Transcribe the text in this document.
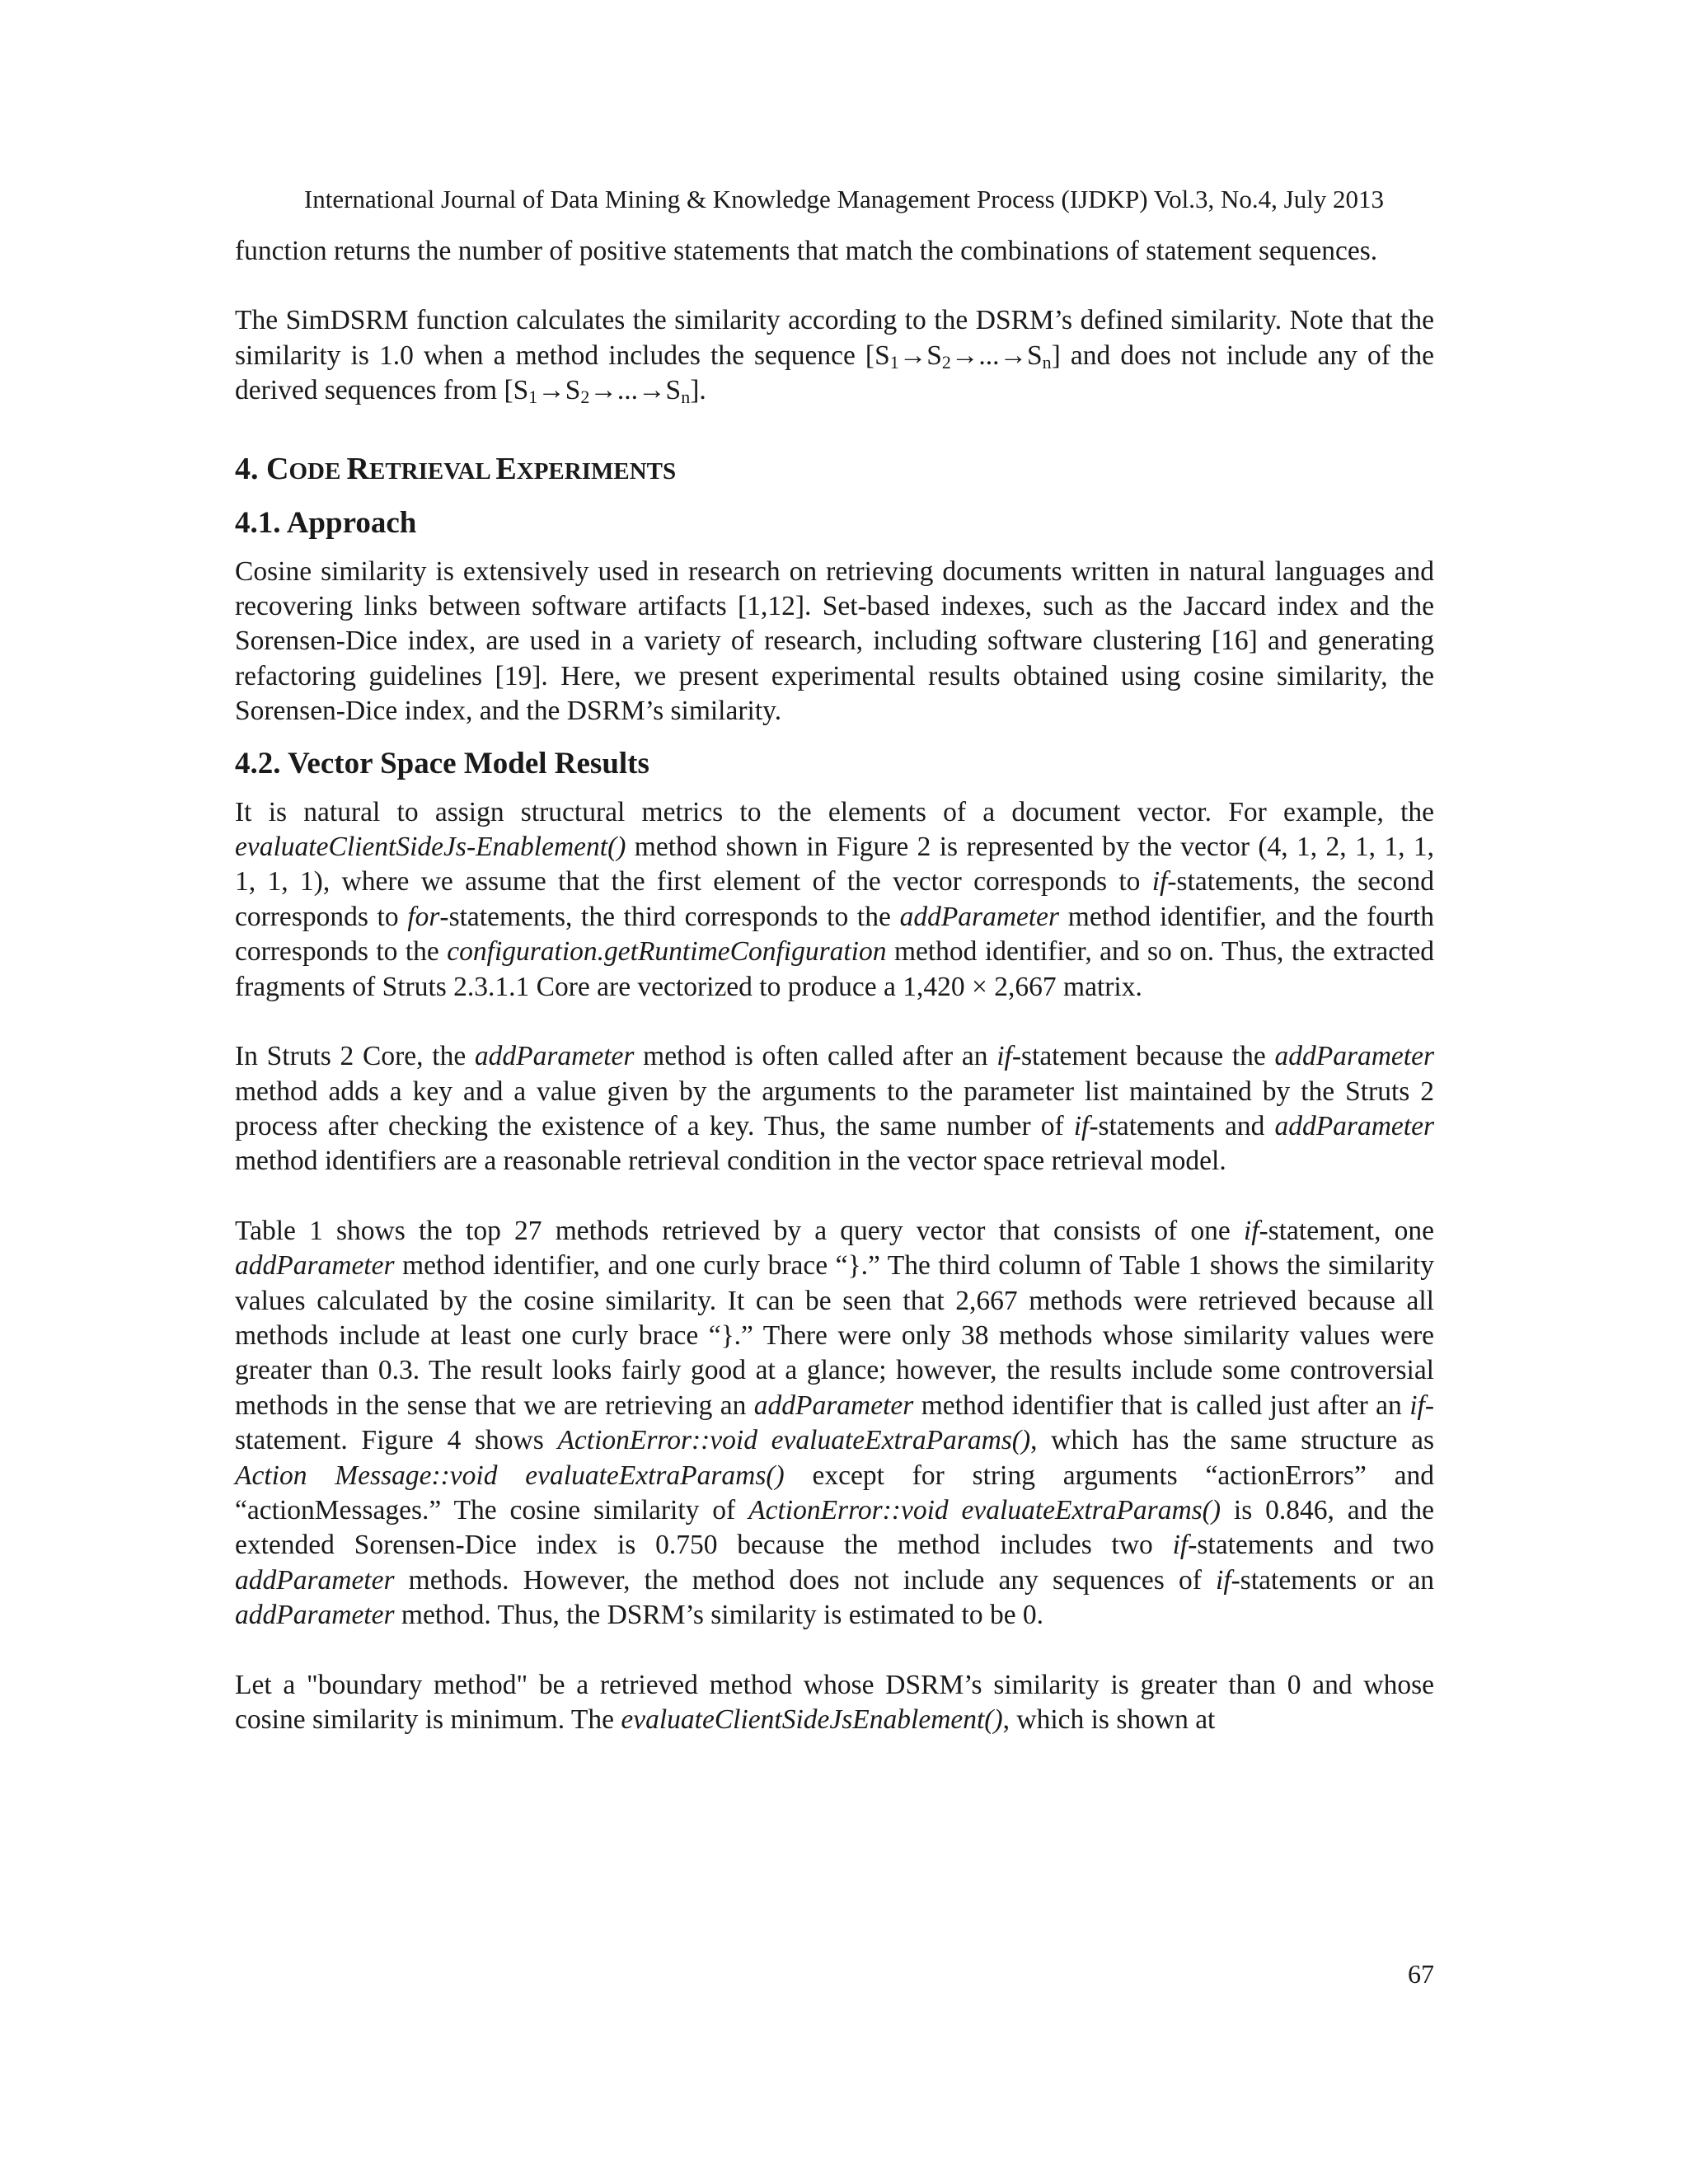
International Journal of Data Mining & Knowledge Management Process (IJDKP) Vol.3, No.4, July 2013

function returns the number of positive statements that match the combinations of statement sequences.

The SimDSRM function calculates the similarity according to the DSRM’s defined similarity. Note that the similarity is 1.0 when a method includes the sequence $[S_1\to S_2\to...\to S_n]$ and does not include any of the derived sequences from $[S_1\to S_2\to...\to S_n]$.

4. CODE RETRIEVAL EXPERIMENTS
4.1. Approach

Cosine similarity is extensively used in research on retrieving documents written in natural languages and recovering links between software artifacts [1,12]. Set-based indexes, such as the Jaccard index and the Sorensen-Dice index, are used in a variety of research, including software clustering [16] and generating refactoring guidelines [19]. Here, we present experimental results obtained using cosine similarity, the Sorensen-Dice index, and the DSRM’s similarity.

4.2. Vector Space Model Results

It is natural to assign structural metrics to the elements of a document vector. For example, the evaluateClientSideJs-Enablement() method shown in Figure 2 is represented by the vector (4, 1, 2, 1, 1, 1, 1, 1, 1), where we assume that the first element of the vector corresponds to if-statements, the second corresponds to for-statements, the third corresponds to the addParameter method identifier, and the fourth corresponds to the configuration.getRuntimeConfiguration method identifier, and so on. Thus, the extracted fragments of Struts 2.3.1.1 Core are vectorized to produce a 1,420 × 2,667 matrix.

In Struts 2 Core, the addParameter method is often called after an if-statement because the addParameter method adds a key and a value given by the arguments to the parameter list maintained by the Struts 2 process after checking the existence of a key. Thus, the same number of if-statements and addParameter method identifiers are a reasonable retrieval condition in the vector space retrieval model.

Table 1 shows the top 27 methods retrieved by a query vector that consists of one if-statement, one addParameter method identifier, and one curly brace “}.” The third column of Table 1 shows the similarity values calculated by the cosine similarity. It can be seen that 2,667 methods were retrieved because all methods include at least one curly brace “}.” There were only 38 methods whose similarity values were greater than 0.3. The result looks fairly good at a glance; however, the results include some controversial methods in the sense that we are retrieving an addParameter method identifier that is called just after an if-statement. Figure 4 shows ActionError::void evaluateExtraParams(), which has the same structure as Action Message::void evaluateExtraParams() except for string arguments “actionErrors” and “actionMessages.” The cosine similarity of ActionError::void evaluateExtraParams() is 0.846, and the extended Sorensen-Dice index is 0.750 because the method includes two if-statements and two addParameter methods. However, the method does not include any sequences of if-statements or an addParameter method. Thus, the DSRM’s similarity is estimated to be 0.

Let a "boundary method" be a retrieved method whose DSRM’s similarity is greater than 0 and whose cosine similarity is minimum. The evaluateClientSideJsEnablement(), which is shown at

67
